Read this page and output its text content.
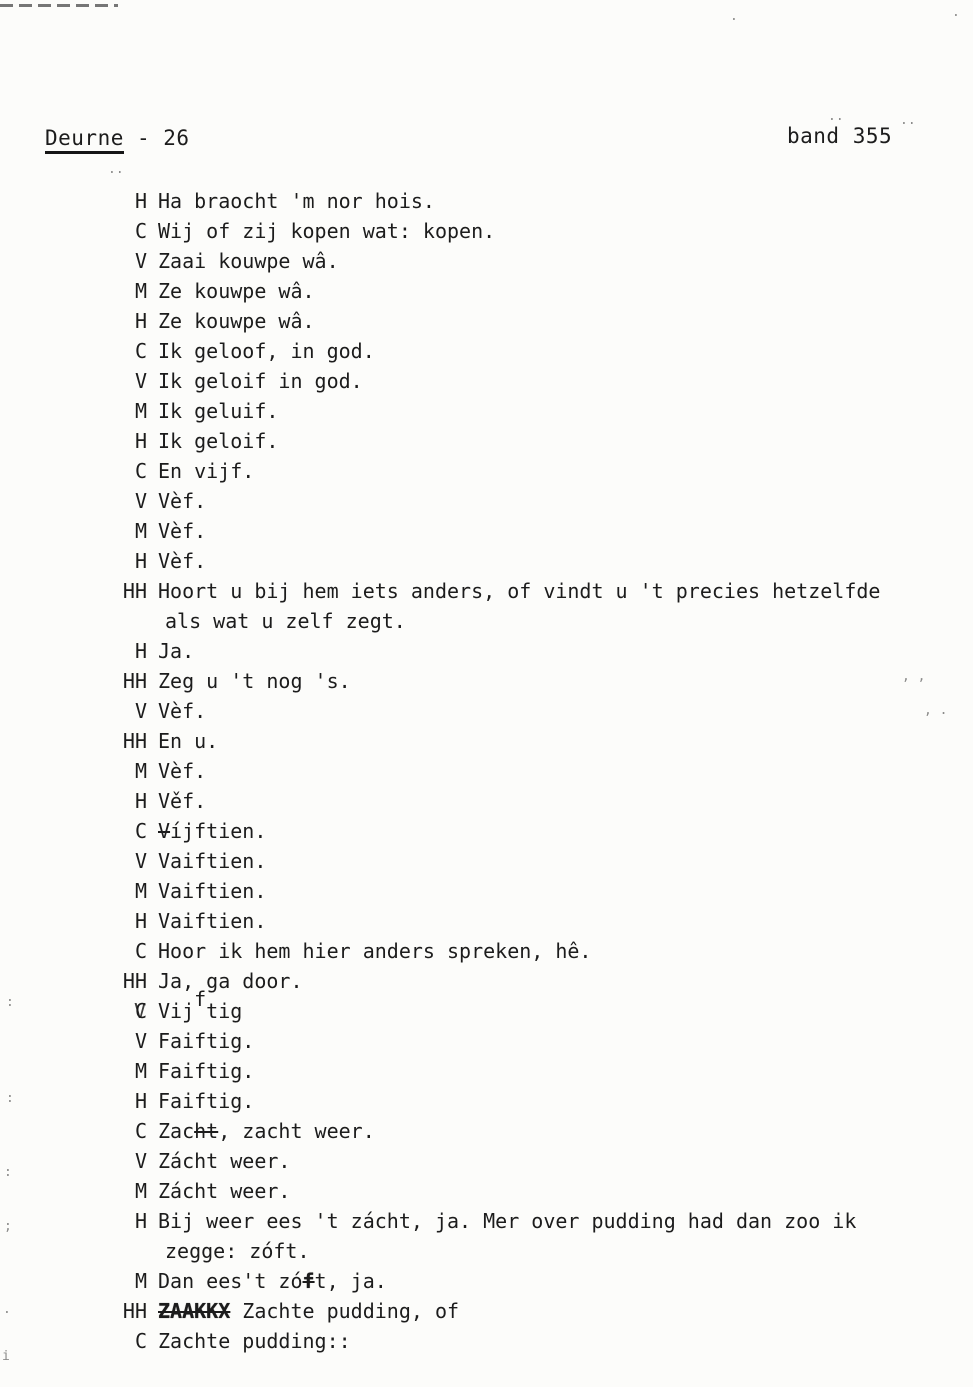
Deurne - 26	band 355
H Ha braocht 'm nor hois.
C Wij of zij kopen wat: kopen.
V Zaai kouwpe wâ.
M Ze kouwpe wâ.
H Ze kouwpe wâ.
C Ik geloof, in god.
V Ik geloif in god.
M Ik geluif.
H Ik geloif.
C En vijf.
V Vèf.
M Vèf.
H Vèf.
HH Hoort u bij hem iets anders, of vindt u 't precies hetzelfde
als wat u zelf zegt.
H Ja.
HH Zeg u 't nog 's.
V Vèf.
HH En u.
M Vèf.
H Věf.
C Víjftien.
V Vaiftien.
M Vaiftien.
H Vaiftien.
C Hoor ik hem hier anders spreken, hê.
HH Ja, ga door.
C V Vijftig
V Faiftig.
M Faiftig.
H Faiftig.
C Zacht, zacht weer.
V Zácht weer.
M Zácht weer.
H Bij weer ees 't zácht, ja. Mer over pudding had dan zoo ik
zegge: zóft.
M Dan ees't zóft, ja.
HH ZAAKKX Zachte pudding, of
C Zachte pudding::
..
..	..
, ,
, .
:
:
:
;
.
i
.	.
